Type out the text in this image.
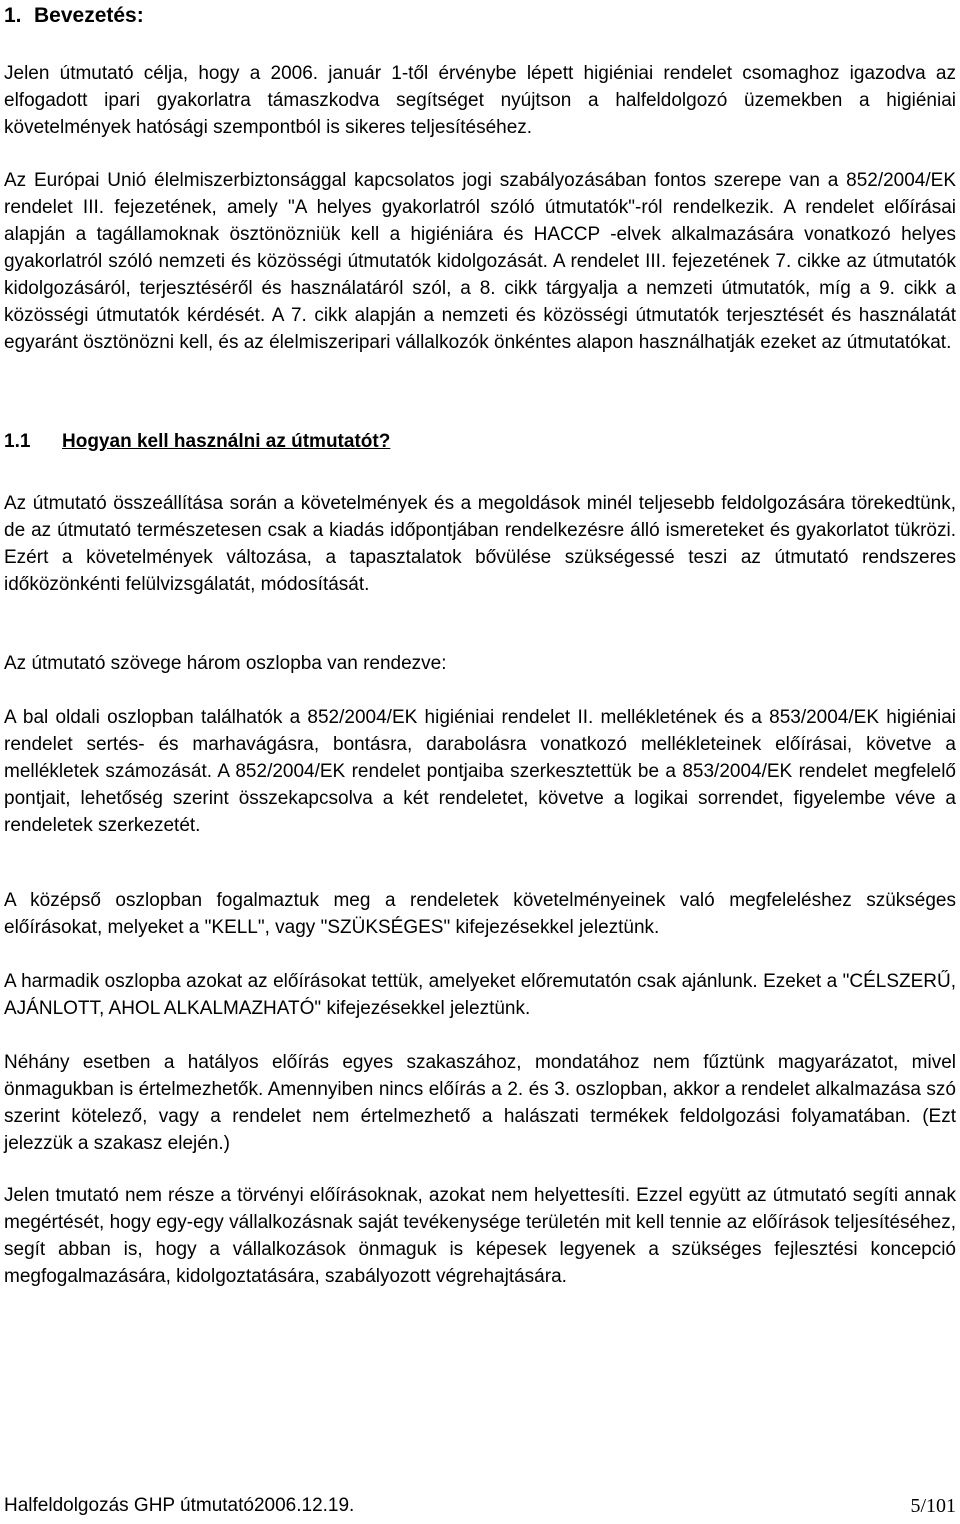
1. Bevezetés:
Jelen útmutató célja, hogy a 2006. január 1-től érvénybe lépett higiéniai rendelet csomaghoz igazodva az elfogadott ipari gyakorlatra támaszkodva segítséget nyújtson a halfeldolgozó üzemekben a higiéniai követelmények hatósági szempontból is sikeres teljesítéséhez.
Az Európai Unió élelmiszerbiztonsággal kapcsolatos jogi szabályozásában fontos szerepe van a 852/2004/EK rendelet III. fejezetének, amely "A helyes gyakorlatról szóló útmutatók"-ról rendelkezik. A rendelet előírásai alapján a tagállamoknak ösztönözniük kell a higiéniára és HACCP -elvek alkalmazására vonatkozó helyes gyakorlatról szóló nemzeti és közösségi útmutatók kidolgozását. A rendelet III. fejezetének 7. cikke az útmutatók kidolgozásáról, terjesztéséről és használatáról szól, a 8. cikk tárgyalja a nemzeti útmutatók, míg a 9. cikk a közösségi útmutatók kérdését. A 7. cikk alapján a nemzeti és közösségi útmutatók terjesztését és használatát egyaránt ösztönözni kell, és az élelmiszeripari vállalkozók önkéntes alapon használhatják ezeket az útmutatókat.
1.1 Hogyan kell használni az útmutatót?
Az útmutató összeállítása során a követelmények és a megoldások minél teljesebb feldolgozására törekedtünk, de az útmutató természetesen csak a kiadás időpontjában rendelkezésre álló ismereteket és gyakorlatot tükrözi. Ezért a követelmények változása, a tapasztalatok bővülése szükségessé teszi az útmutató rendszeres időközönkénti felülvizsgálatát, módosítását.
Az útmutató szövege három oszlopba van rendezve:
A bal oldali oszlopban találhatók a 852/2004/EK higiéniai rendelet II. mellékletének és a 853/2004/EK higiéniai rendelet sertés- és marhavágásra, bontásra, darabolásra vonatkozó mellékleteinek előírásai, követve a mellékletek számozását. A 852/2004/EK rendelet pontjaiba szerkesztettük be a 853/2004/EK rendelet megfelelő pontjait, lehetőség szerint összekapcsolva a két rendeletet, követve a logikai sorrendet, figyelembe véve a rendeletek szerkezetét.
A középső oszlopban fogalmaztuk meg a rendeletek követelményeinek való megfeleléshez szükséges előírásokat, melyeket a "KELL", vagy "SZÜKSÉGES" kifejezésekkel jeleztünk.
A harmadik oszlopba azokat az előírásokat tettük, amelyeket előremutatón csak ajánlunk. Ezeket a "CÉLSZERŰ, AJÁNLOTT, AHOL ALKALMAZHATÓ" kifejezésekkel jeleztünk.
Néhány esetben a hatályos előírás egyes szakaszához, mondatához nem fűztünk magyarázatot, mivel önmagukban is értelmezhetők. Amennyiben nincs előírás a 2. és 3. oszlopban, akkor a rendelet alkalmazása szó szerint kötelező, vagy a rendelet nem értelmezhető a halászati termékek feldolgozási folyamatában. (Ezt jelezzük a szakasz elején.)
Jelen tmutató nem része a törvényi előírásoknak, azokat nem helyettesíti. Ezzel együtt az útmutató segíti annak megértését, hogy egy-egy vállalkozásnak saját tevékenysége területén mit kell tennie az előírások teljesítéséhez, segít abban is, hogy a vállalkozások önmaguk is képesek legyenek a szükséges fejlesztési koncepció megfogalmazására, kidolgoztatására, szabályozott végrehajtására.
Halfeldolgozás GHP útmutató2006.12.19.	5/101
